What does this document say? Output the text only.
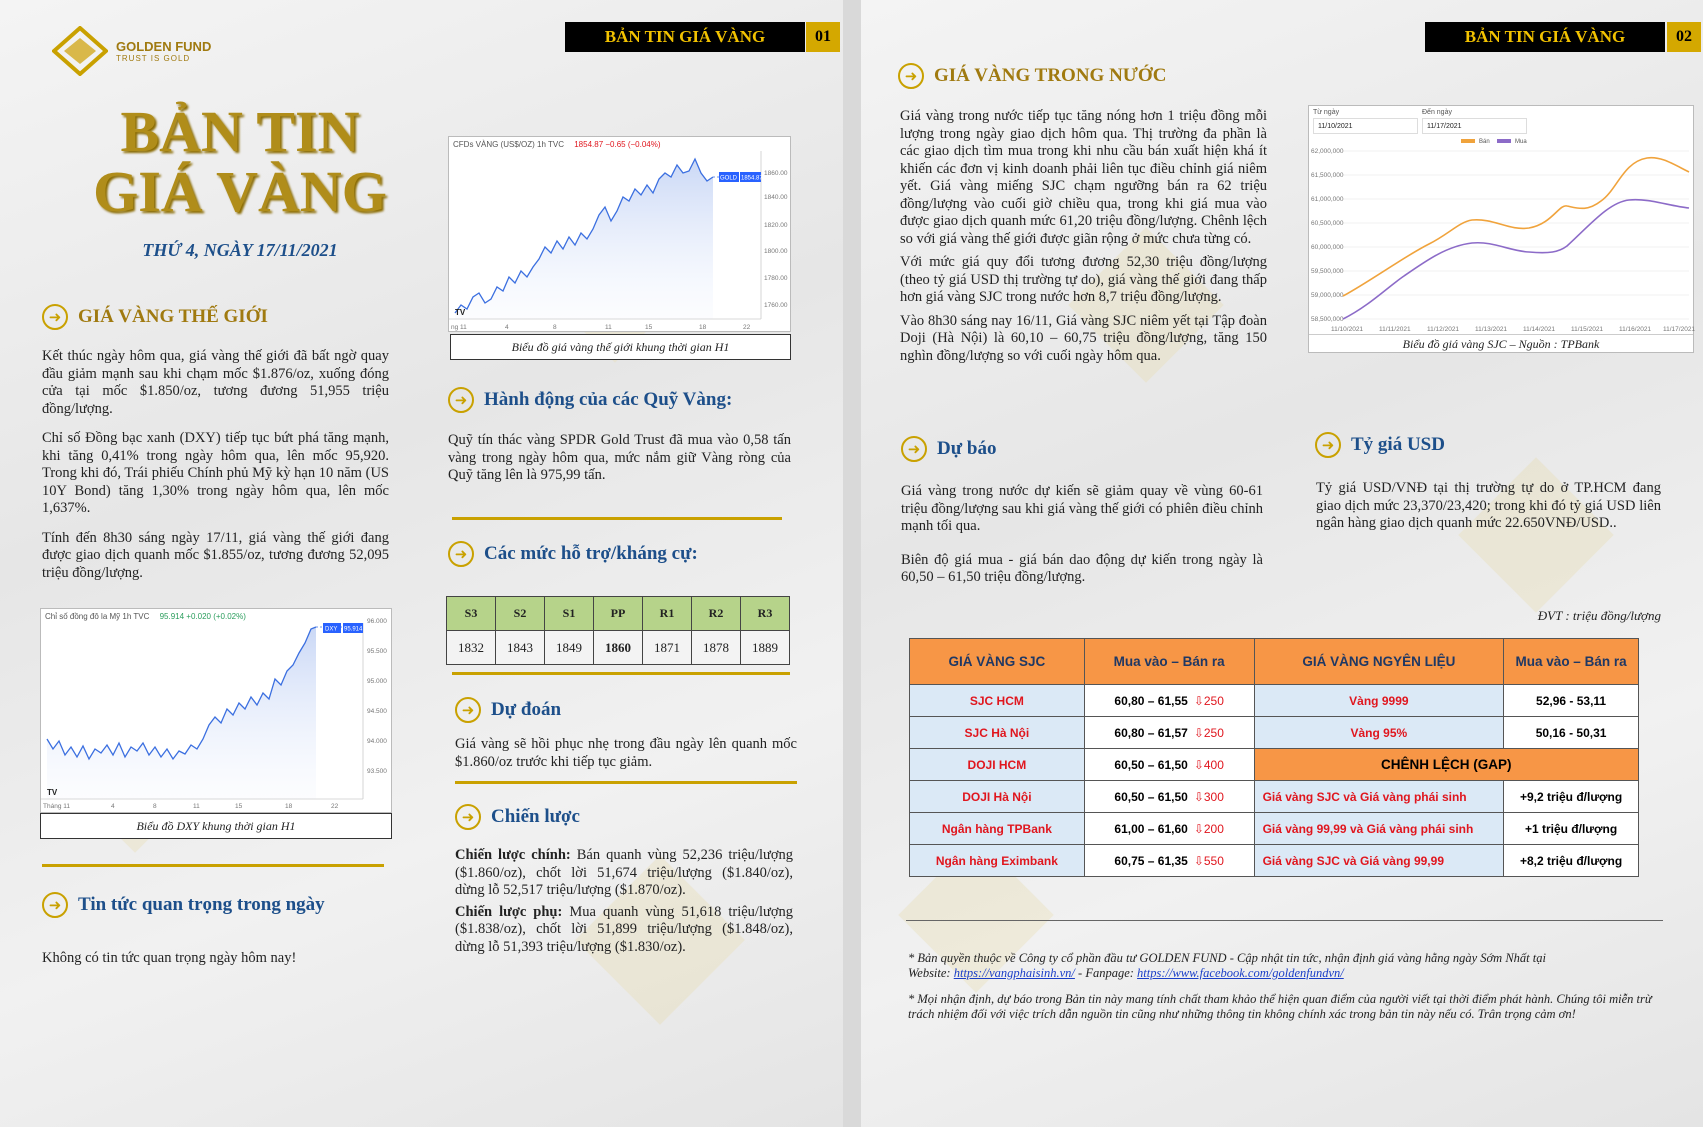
GOLDEN FUND
TRUST IS GOLD
BẢN TIN GIÁ VÀNG	01
BẢN TIN
GIÁ VÀNG
THỨ 4, NGÀY 17/11/2021
➜ GIÁ VÀNG THẾ GIỚI

Kết thúc ngày hôm qua, giá vàng thế giới đã bất ngờ quay đầu giảm mạnh sau khi chạm mốc $1.876/oz, xuống đóng cửa tại mốc $1.850/oz, tương đương 51,955 triệu đồng/lượng.

Chỉ số Đồng bạc xanh (DXY) tiếp tục bứt phá tăng mạnh, khi tăng 0,41% trong ngày hôm qua, lên mốc 95,920. Trong khi đó, Trái phiếu Chính phủ Mỹ kỳ hạn 10 năm (US 10Y Bond) tăng 1,30% trong ngày hôm qua, lên mốc 1,637%.

Tính đến 8h30 sáng ngày 17/11, giá vàng thế giới đang được giao dịch quanh mốc $1.855/oz, tương đương 52,095 triệu đồng/lượng.

Chỉ số đồng đô la Mỹ 1h TVC 95.914 +0.020 (+0.02%)
DXY 95.914
96.000
95.500
95.000
94.500
94.000
93.500
Tháng 11	4	8	11	15	18	22
TV
Biểu đồ DXY khung thời gian H1
➜ Tin tức quan trọng trong ngày
Không có tin tức quan trọng ngày hôm nay!
CFDs VÀNG (US$/OZ) 1h TVC 1854.87 −0.65 (−0.04%)
GOLD 1854.87
1860.00
1840.00
1820.00
1800.00
1780.00
1760.00
ng 11	4	8	11	15	18	22
TV
Biểu đồ giá vàng thế giới khung thời gian H1
➜ Hành động của các Quỹ Vàng:
Quỹ tín thác vàng SPDR Gold Trust đã mua vào 0,58 tấn vàng trong ngày hôm qua, mức nắm giữ Vàng ròng của Quỹ tăng lên là 975,99 tấn.
➜ Các mức hỗ trợ/kháng cự:
S3	S2	S1	PP	R1	R2	R3
1832	1843	1849	1860	1871	1878	1889
➜ Dự đoán
Giá vàng sẽ hồi phục nhẹ trong đầu ngày lên quanh mốc $1.860/oz trước khi tiếp tục giảm.
➜ Chiến lược

Chiến lược chính: Bán quanh vùng 52,236 triệu/lượng ($1.860/oz), chốt lời 51,674 triệu/lượng ($1.840/oz), dừng lỗ 52,517 triệu/lượng ($1.870/oz).

Chiến lược phụ: Mua quanh vùng 51,618 triệu/lượng ($1.838/oz), chốt lời 51,899 triệu/lượng ($1.848/oz), dừng lỗ 51,393 triệu/lượng ($1.830/oz).

BẢN TIN GIÁ VÀNG	02
➜ GIÁ VÀNG TRONG NƯỚC

Giá vàng trong nước tiếp tục tăng nóng hơn 1 triệu đồng mỗi lượng trong ngày giao dịch hôm qua. Thị trường đa phần là các giao dịch tìm mua trong khi nhu cầu bán xuất hiện khá ít khiến các đơn vị kinh doanh phải liên tục điều chỉnh giá niêm yết. Giá vàng miếng SJC chạm ngưỡng bán ra 62 triệu đồng/lượng vào cuối giờ chiều qua, trong khi giá mua vào được giao dịch quanh mức 61,20 triệu đồng/lượng. Chênh lệch so với giá vàng thế giới được giãn rộng ở mức chưa từng có.

Với mức giá quy đổi tương đương 52,30 triệu đồng/lượng (theo tỷ giá USD thị trường tự do), giá vàng thế giới đang thấp hơn giá vàng SJC trong nước hơn 8,7 triệu đồng/lượng.

Vào 8h30 sáng nay 16/11, Giá vàng SJC niêm yết tại Tập đoàn Doji (Hà Nội) là 60,10 – 60,75 triệu đồng/lượng, tăng 150 nghìn đồng/lượng so với cuối ngày hôm qua.

Từ ngày
11/10/2021
Đến ngày
11/17/2021
Bán	Mua
62,000,000
61,500,000
61,000,000
60,500,000
60,000,000
59,500,000
59,000,000
58,500,000
11/10/2021 11/11/2021	11/12/2021 11/13/2021 11/14/2021 11/15/2021 11/16/2021 11/17/2021
Biểu đồ giá vàng SJC – Nguồn : TPBank
➜ Dự báo

Giá vàng trong nước dự kiến sẽ giảm quay về vùng 60-61 triệu đồng/lượng sau khi giá vàng thế giới có phiên điều chỉnh mạnh tối qua.

Biên độ giá mua - giá bán dao động dự kiến trong ngày là 60,50 – 61,50 triệu đồng/lượng.

➜ Tỷ giá USD
Tỷ giá USD/VNĐ tại thị trường tự do ở TP.HCM đang giao dịch mức 23,370/23,420; trong khi đó tỷ giá USD liên ngân hàng giao dịch quanh mức 22.650VNĐ/USD..
ĐVT : triệu đồng/lượng
GIÁ VÀNG SJC	Mua vào – Bán ra	GIÁ VÀNG NGYÊN LIỆU	Mua vào – Bán ra
SJC HCM	60,80 – 61,55 ⇩250	Vàng 9999	52,96 - 53,11
SJC Hà Nội	60,80 – 61,57 ⇩250	Vàng 95%	50,16 - 50,31
DOJI HCM	60,50 – 61,50 ⇩400	CHÊNH LỆCH (GAP)	
DOJI Hà Nội	60,50 – 61,50 ⇩300	Giá vàng SJC và Giá vàng phái sinh	+9,2 triệu đ/lượng
Ngân hàng TPBank	61,00 – 61,60 ⇩200	Giá vàng 99,99 và Giá vàng phái sinh	+1 triệu đ/lượng
Ngân hàng Eximbank	60,75 – 61,35 ⇩550	Giá vàng SJC và Giá vàng 99,99	+8,2 triệu đ/lượng
* Bản quyền thuộc về Công ty cổ phần đầu tư GOLDEN FUND - Cập nhật tin tức, nhận định giá vàng hằng ngày Sớm Nhất tại
Website: https://vangphaisinh.vn/ - Fanpage: https://www.facebook.com/goldenfundvn/
* Mọi nhận định, dự báo trong Bản tin này mang tính chất tham khảo thể hiện quan điểm của người viết tại thời điểm phát hành. Chúng tôi miễn trừ trách nhiệm đối với việc trích dẫn nguồn tin cũng như những thông tin không chính xác trong bản tin này nếu có. Trân trọng cảm ơn!
